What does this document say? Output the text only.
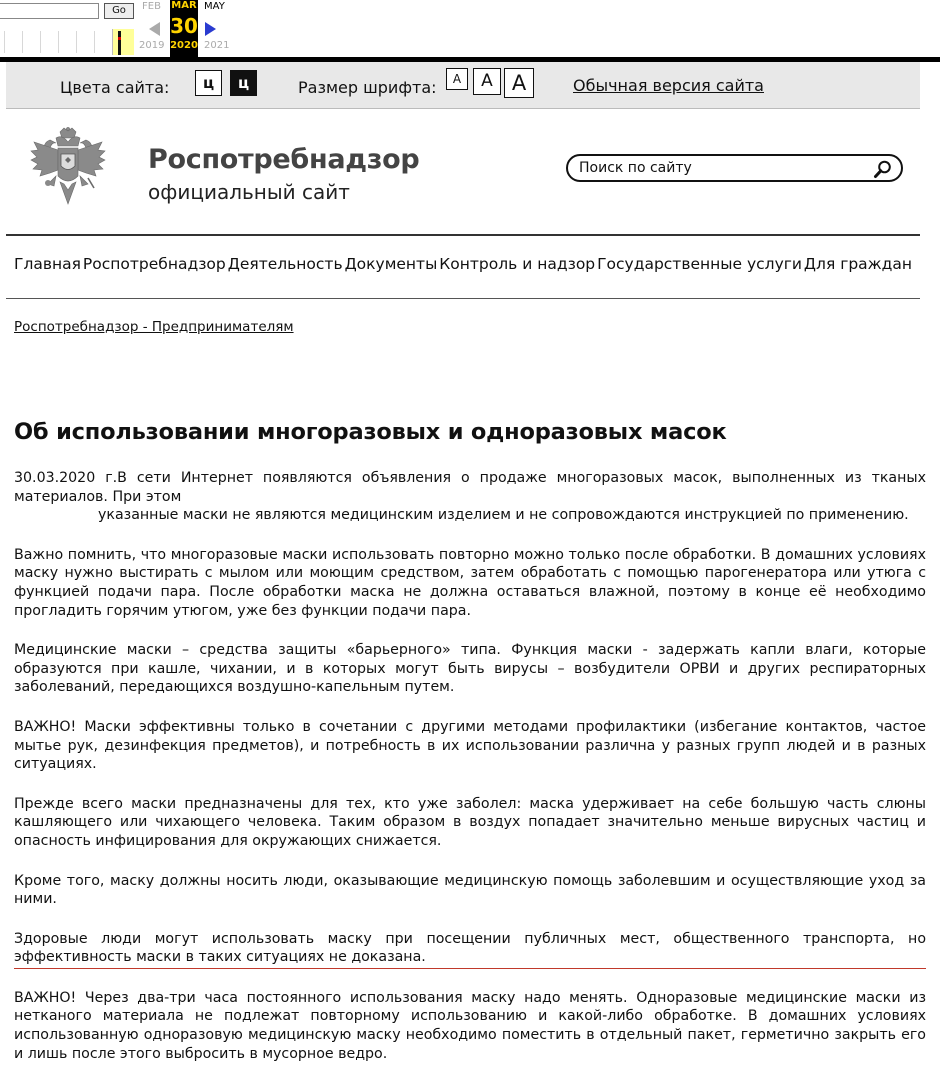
Go	FEB MAR
30
MAY
2019 2020 2021
Цвета сайта:	ц	ц	Размер шрифта:	A	A A	Обычная версия сайта
Роспотребнадзор
официальный сайт
Поиск по сайту
Главная Роспотребнадзор Деятельность Документы Контроль и надзор Государственные услуги Для граждан
Роспотребнадзор - Предпринимателям
Об использовании многоразовых и одноразовых масок

30.03.2020 г.В сети Интернет появляются объявления о продаже многоразовых масок, выполненных из тканых материалов. При этом
указанные маски не являются медицинским изделием и не сопровождаются инструкцией по применению.

Важно помнить, что многоразовые маски использовать повторно можно только после обработки. В домашних условиях маску нужно выстирать с мылом или моющим средством, затем обработать с помощью парогенератора или утюга с функцией подачи пара. После обработки маска не должна оставаться влажной, поэтому в конце её необходимо прогладить горячим утюгом, уже без функции подачи пара.

Медицинские маски – средства защиты «барьерного» типа. Функция маски - задержать капли влаги, которые образуются при кашле, чихании, и в которых могут быть вирусы – возбудители ОРВИ и других респираторных заболеваний, передающихся воздушно-капельным путем.

ВАЖНО! Маски эффективны только в сочетании с другими методами профилактики (избегание контактов, частое мытье рук, дезинфекция предметов), и потребность в их использовании различна у разных групп людей и в разных ситуациях.

Прежде всего маски предназначены для тех, кто уже заболел: маска удерживает на себе большую часть слюны кашляющего или чихающего человека. Таким образом в воздух попадает значительно меньше вирусных частиц и опасность инфицирования для окружающих снижается.

Кроме того, маску должны носить люди, оказывающие медицинскую помощь заболевшим и осуществляющие уход за ними.

Здоровые люди могут использовать маску при посещении публичных мест, общественного транспорта, но эффективность маски в таких ситуациях не доказана.

ВАЖНО! Через два-три часа постоянного использования маску надо менять. Одноразовые медицинские маски из нетканого материала не подлежат повторному использованию и какой-либо обработке. В домашних условиях использованную одноразовую медицинскую маску необходимо поместить в отдельный пакет, герметично закрыть его и лишь после этого выбросить в мусорное ведро.
